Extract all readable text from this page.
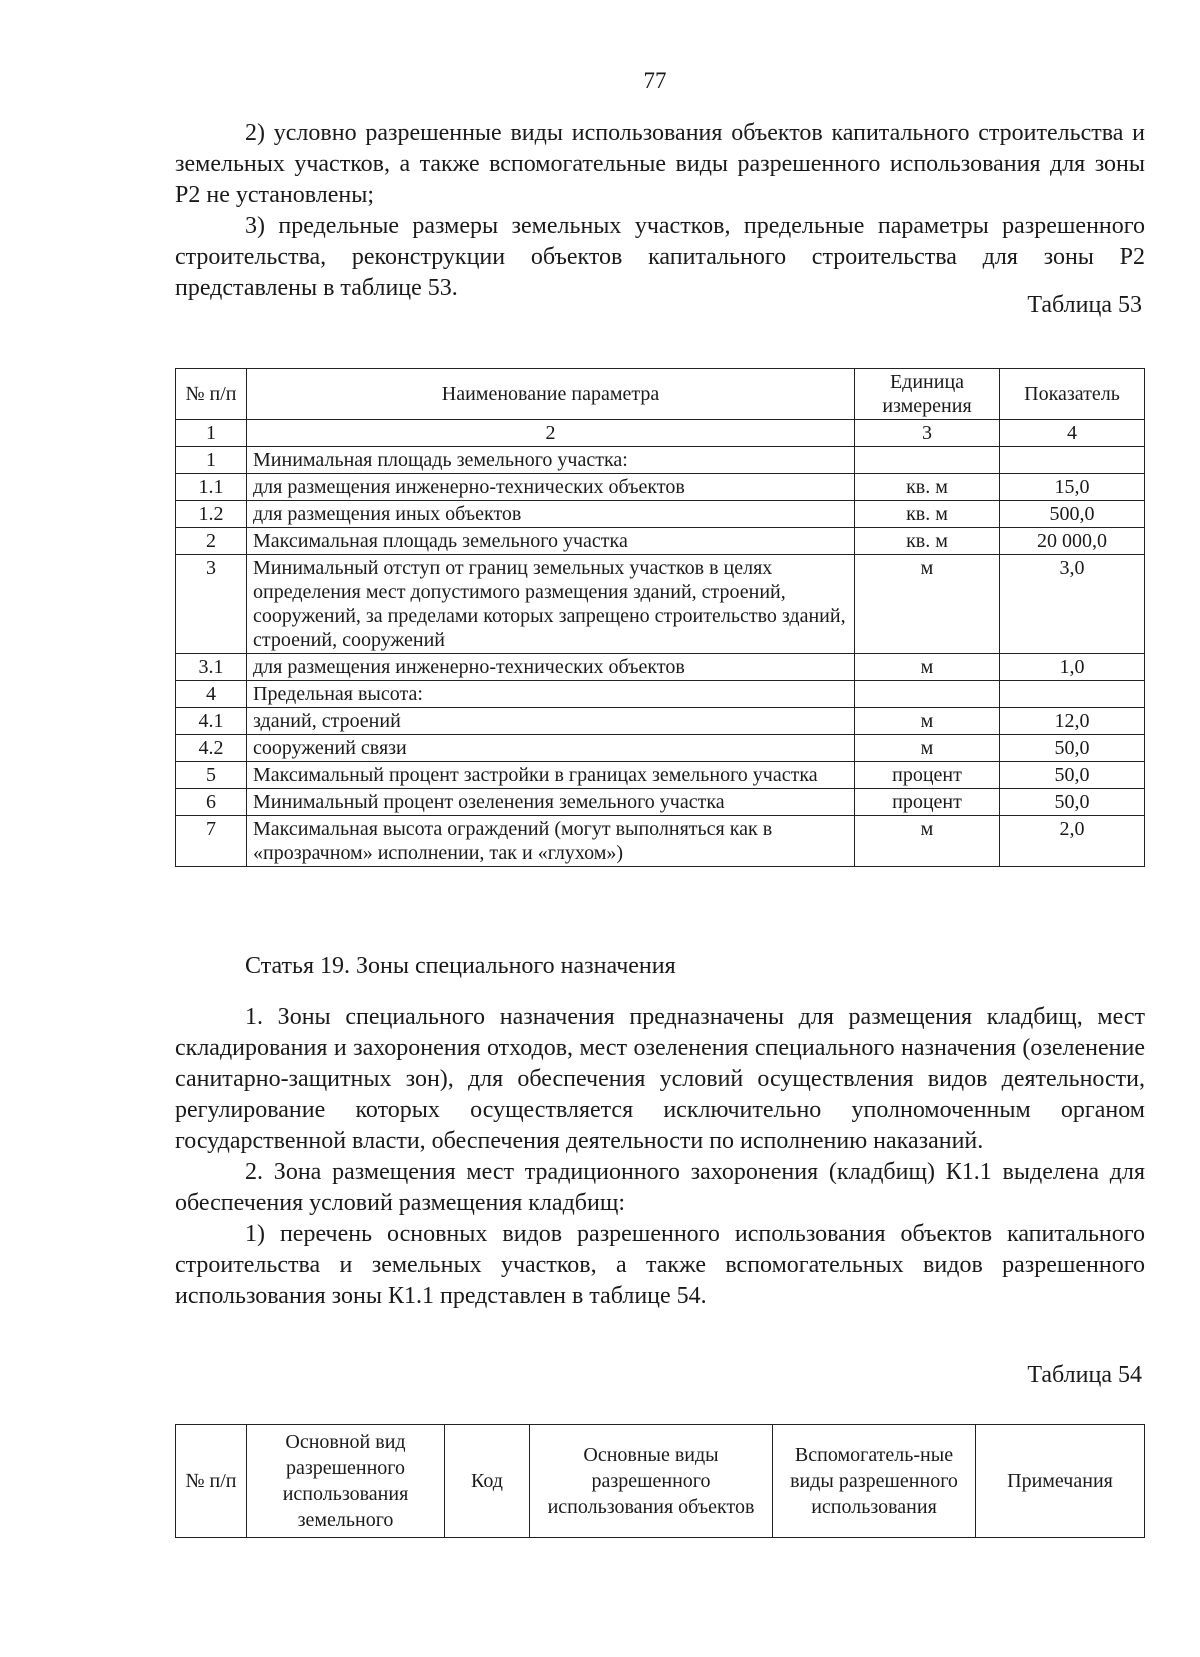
77

2) условно разрешенные виды использования объектов капитального строительства и земельных участков, а также вспомогательные виды разрешенного использования для зоны Р2 не установлены;

3) предельные размеры земельных участков, предельные параметры разрешенного строительства, реконструкции объектов капитального строительства для зоны Р2 представлены в таблице 53.

Таблица 53
№ п/п	Наименование параметра	Единица измерения	Показатель
1	2	3	4
1	Минимальная площадь земельного участка:		
1.1	для размещения инженерно-технических объектов	кв. м	15,0
1.2	для размещения иных объектов	кв. м	500,0
2	Максимальная площадь земельного участка	кв. м	20 000,0
3	Минимальный отступ от границ земельных участков в целях определения мест допустимого размещения зданий, строений, сооружений, за пределами которых запрещено строительство зданий, строений, сооружений	м	3,0
3.1	для размещения инженерно-технических объектов	м	1,0
4	Предельная высота:		
4.1	зданий, строений	м	12,0
4.2	сооружений связи	м	50,0
5	Максимальный процент застройки в границах земельного участка	процент	50,0
6	Минимальный процент озеленения земельного участка	процент	50,0
7	Максимальная высота ограждений (могут выполняться как в «прозрачном» исполнении, так и «глухом»)	м	2,0
Статья 19. Зоны специального назначения

1. Зоны специального назначения предназначены для размещения кладбищ, мест складирования и захоронения отходов, мест озеленения специального назначения (озеленение санитарно-защитных зон), для обеспечения условий осуществления видов деятельности, регулирование которых осуществляется исключительно уполномоченным органом государственной власти, обеспечения деятельности по исполнению наказаний.

2. Зона размещения мест традиционного захоронения (кладбищ) К1.1 выделена для обеспечения условий размещения кладбищ:

1) перечень основных видов разрешенного использования объектов капитального строительства и земельных участков, а также вспомогательных видов разрешенного использования зоны К1.1 представлен в таблице 54.

Таблица 54
№ п/п	Основной вид разрешенного использования земельного	Код	Основные виды разрешенного использования объектов	Вспомогатель-ные виды разрешенного использования	Примечания
